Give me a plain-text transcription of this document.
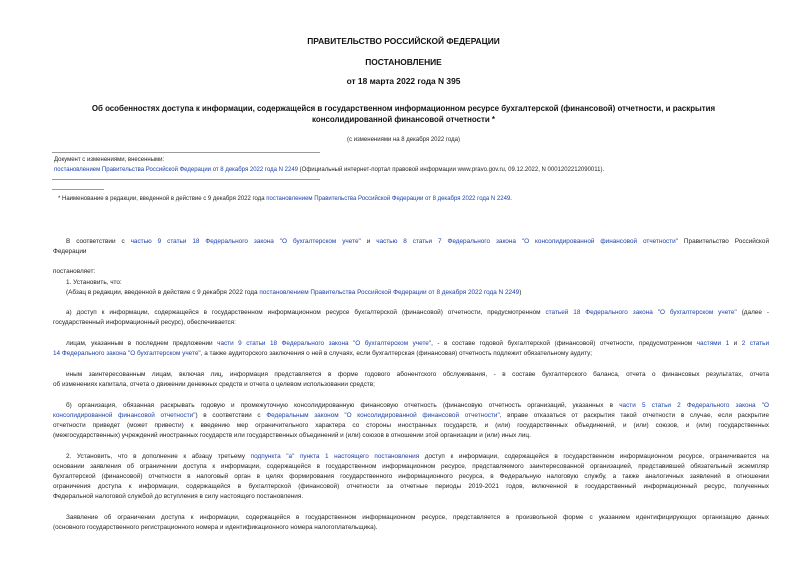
ПРАВИТЕЛЬСТВО РОССИЙСКОЙ ФЕДЕРАЦИИ
ПОСТАНОВЛЕНИЕ
от 18 марта 2022 года N 395
Об особенностях доступа к информации, содержащейся в государственном информационном ресурсе бухгалтерской (финансовой) отчетности, и раскрытия
консолидированной финансовой отчетности *
(с изменениями на 8 декабря 2022 года)
Документ с изменениями, внесенными:
постановлением Правительства Российской Федерации от 8 декабря 2022 года N 2249 (Официальный интернет-портал правовой информации www.pravo.gov.ru, 09.12.2022, N 0001202212090011).
* Наименование в редакции, введенной в действие с 9 декабря 2022 года постановлением Правительства Российской Федерации от 8 декабря 2022 года N 2249.
В соответствии с частью 9 статьи 18 Федерального закона "О бухгалтерском учете" и частью 8 статьи 7 Федерального закона "О консолидированной финансовой отчетности" Правительство Российской
Федерации
постановляет:
1. Установить, что:
(Абзац в редакции, введенной в действие с 9 декабря 2022 года постановлением Правительства Российской Федерации от 8 декабря 2022 года N 2249)
а) доступ к информации, содержащейся в государственном информационном ресурсе бухгалтерской (финансовой) отчетности, предусмотренном статьей 18 Федерального закона "О бухгалтерском учете" (далее -
государственный информационный ресурс), обеспечивается:
лицам, указанным в последнем предложении части 9 статьи 18 Федерального закона "О бухгалтерском учете", - в составе годовой бухгалтерской (финансовой) отчетности, предусмотренном частями 1 и 2 статьи
14 Федерального закона "О бухгалтерском учете", а также аудиторского заключения о ней в случаях, если бухгалтерская (финансовая) отчетность подлежит обязательному аудиту;
иным заинтересованным лицам, включая лиц, информация представляется в форме годового абонентского обслуживания, - в составе бухгалтерского баланса, отчета о финансовых результатах, отчета
об изменениях капитала, отчета о движении денежных средств и отчета о целевом использовании средств;
б) организация, обязанная раскрывать годовую и промежуточную консолидированную финансовую отчетность (финансовую отчетность организаций, указанных в части 5 статьи 2 Федерального закона "О
консолидированной финансовой отчетности") в соответствии с Федеральным законом "О консолидированной финансовой отчетности", вправе отказаться от раскрытия такой отчетности в случае, если раскрытие
отчетности приведет (может привести) к введению мер ограничительного характера со стороны иностранных государств, и (или) государственных объединений, и (или) союзов, и (или) государственных
(межгосударственных) учреждений иностранных государств или государственных объединений и (или) союзов в отношении этой организации и (или) иных лиц.
2. Установить, что в дополнение к абзацу третьему подпункта "а" пункта 1 настоящего постановления доступ к информации, содержащейся в государственном информационном ресурсе, ограничивается на
основании заявления об ограничении доступа к информации, содержащейся в государственном информационном ресурсе, представляемого заинтересованной организацией, представившей обязательный экземпляр
бухгалтерской (финансовой) отчетности в налоговый орган в целях формирования государственного информационного ресурса, в Федеральную налоговую службу, а также аналогичных заявлений в отношении
ограничения доступа к информации, содержащейся в бухгалтерской (финансовой) отчетности за отчетные периоды 2019-2021 годов, включенной в государственный информационный ресурс, полученных
Федеральной налоговой службой до вступления в силу настоящего постановления.
Заявление об ограничении доступа к информации, содержащейся в государственном информационном ресурсе, представляется в произвольной форме с указанием идентифицирующих организацию данных
(основного государственного регистрационного номера и идентификационного номера налогоплательщика).
